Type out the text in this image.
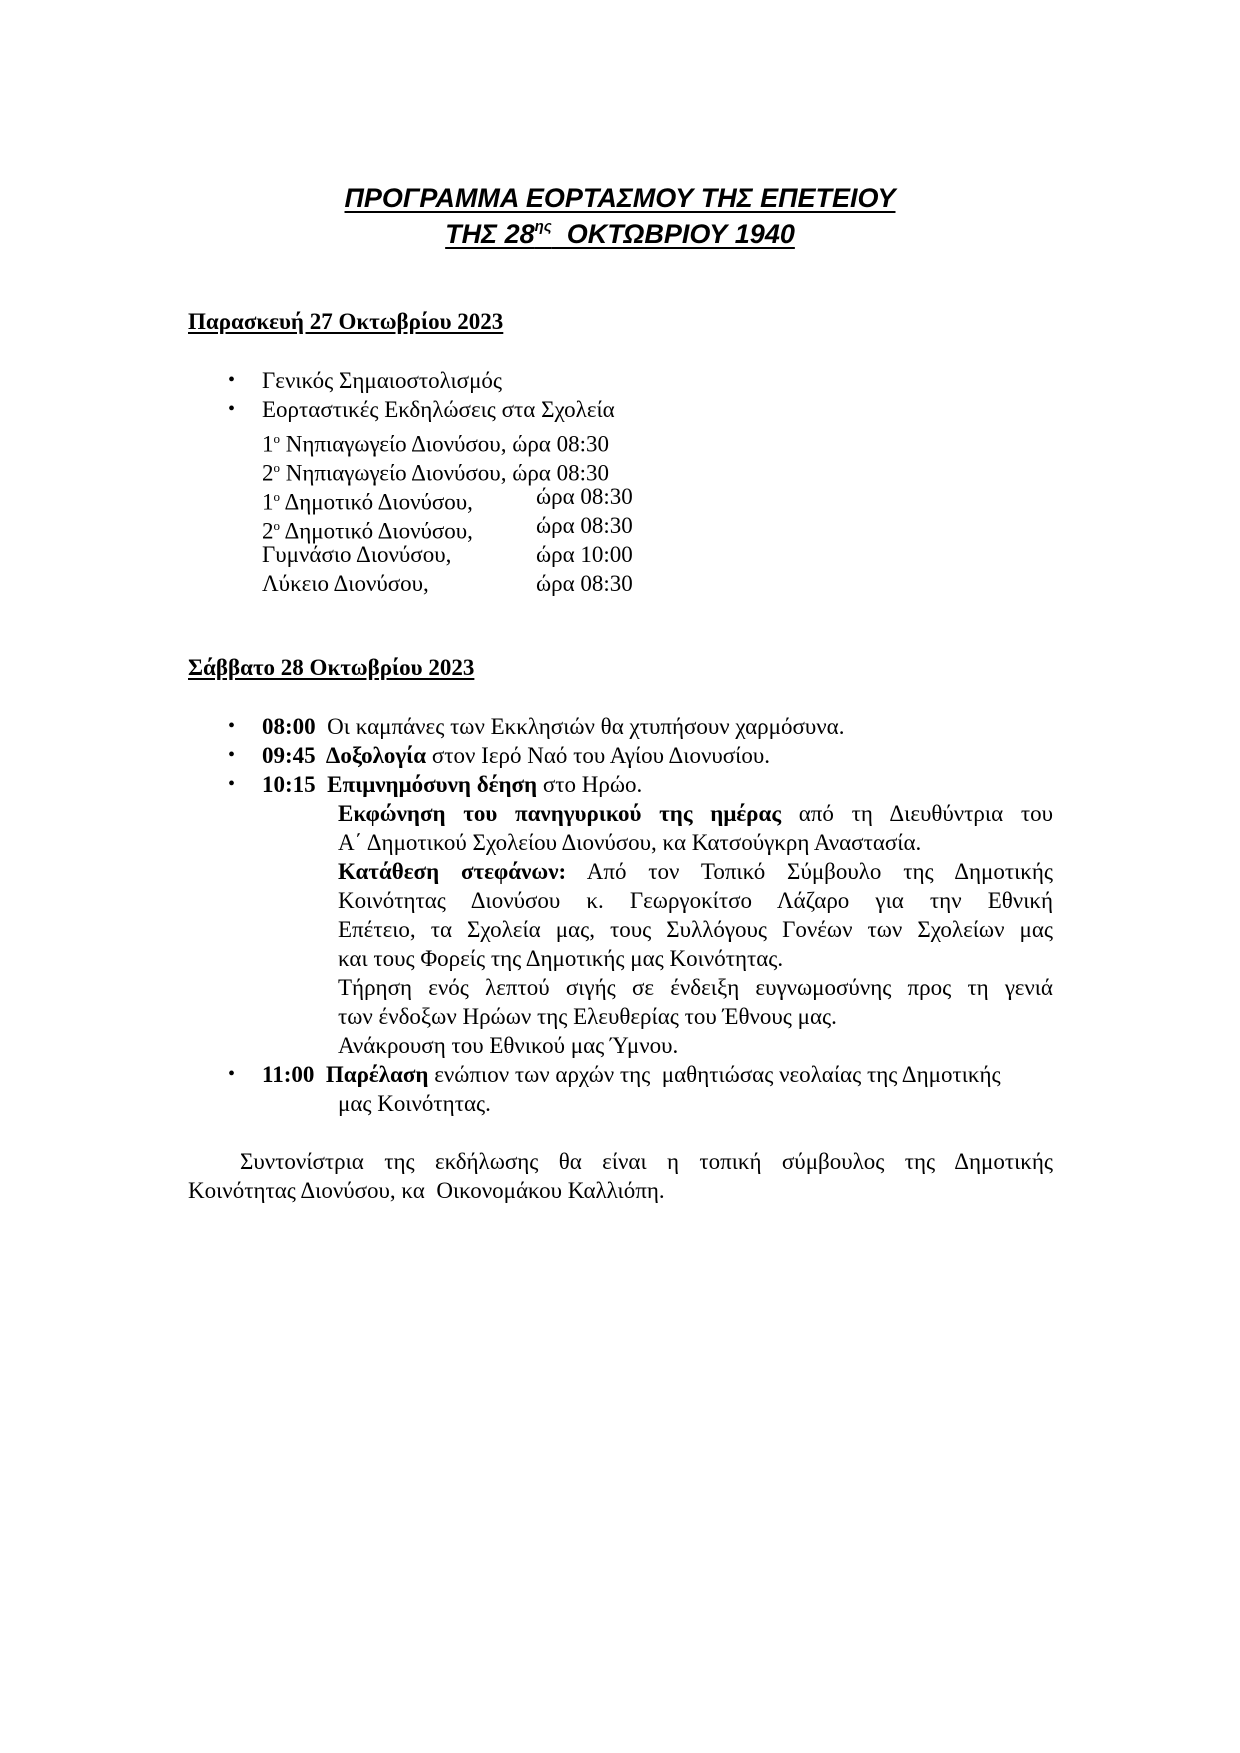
ΠΡΟΓΡΑΜΜΑ ΕΟΡΤΑΣΜΟΥ ΤΗΣ ΕΠΕΤΕΙΟΥ
ΤΗΣ $28^{\eta\varsigma}$  ΟΚΤΩΒΡΙΟΥ 1940
Παρασκευή 27 Οκτωβρίου 2023
• Γενικός Σημαιοστολισμός
• Εορταστικές Εκδηλώσεις στα Σχολεία
$1^o$ Νηπιαγωγείο Διονύσου, ώρα 08:30
$2^o$ Νηπιαγωγείο Διονύσου, ώρα 08:30
$1^o$ Δημοτικό Διονύσου,	ώρα 08:30
$2^o$ Δημοτικό Διονύσου,	ώρα 08:30
Γυμνάσιο Διονύσου,	ώρα 10:00
Λύκειο Διονύσου,	ώρα 08:30
Σάββατο 28 Οκτωβρίου 2023
• 08:00  Οι καμπάνες των Εκκλησιών θα χτυπήσουν χαρμόσυνα.
• 09:45  Δοξολογία στον Ιερό Ναό του Αγίου Διονυσίου.
• 10:15  Επιμνημόσυνη δέηση στο Ηρώο.
Εκφώνηση του πανηγυρικού της ημέρας από τη Διευθύντρια του
Α΄ Δημοτικού Σχολείου Διονύσου, κα Κατσούγκρη Αναστασία.
Κατάθεση στεφάνων: Από τον Τοπικό Σύμβουλο της Δημοτικής
Κοινότητας Διονύσου κ. Γεωργοκίτσο Λάζαρο για την Εθνική
Επέτειο, τα Σχολεία μας, τους Συλλόγους Γονέων των Σχολείων μας
και τους Φορείς της Δημοτικής μας Κοινότητας.
Τήρηση ενός λεπτού σιγής σε ένδειξη ευγνωμοσύνης προς τη γενιά
των ένδοξων Ηρώων της Ελευθερίας του Έθνους μας.
Ανάκρουση του Εθνικού μας Ύμνου.
• 11:00  Παρέλαση ενώπιον των αρχών της  μαθητιώσας νεολαίας της Δημοτικής
μας Κοινότητας.
Συντονίστρια της εκδήλωσης θα είναι η τοπική σύμβουλος της Δημοτικής
Κοινότητας Διονύσου, κα  Οικονομάκου Καλλιόπη.
